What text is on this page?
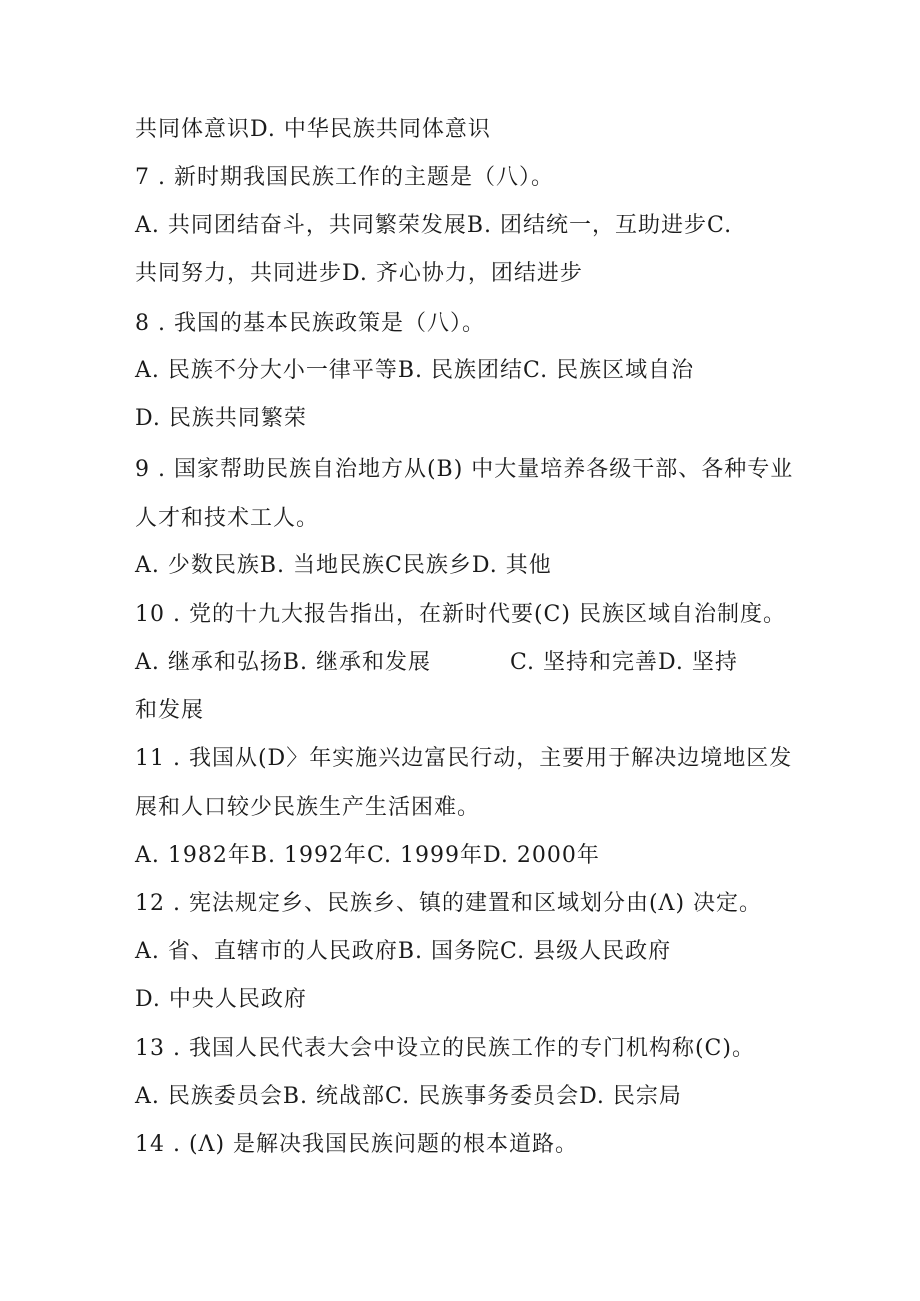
共同体意识D. 中华民族共同体意识
7 . 新时期我国民族工作的主题是（八）。
A. 共同团结奋斗，共同繁荣发展B. 团结统一，互助进步C.
共同努力，共同进步D. 齐心协力，团结进步
8 . 我国的基本民族政策是（八）。
A. 民族不分大小一律平等B. 民族团结C. 民族区域自治
D. 民族共同繁荣
9 . 国家帮助民族自治地方从(B) 中大量培养各级干部、各种专业
人才和技术工人。
A. 少数民族B. 当地民族C民族乡D. 其他
10 . 党的十九大报告指出，在新时代要(C) 民族区域自治制度。
A. 继承和弘扬B. 继承和发展	C. 坚持和完善D. 坚持
和发展
11 . 我国从(D〉年实施兴边富民行动，主要用于解决边境地区发
展和人口较少民族生产生活困难。
A. 1982年B. 1992年C. 1999年D. 2000年
12 . 宪法规定乡、民族乡、镇的建置和区域划分由(Λ) 决定。
A. 省、直辖市的人民政府B. 国务院C. 县级人民政府
D. 中央人民政府
13 . 我国人民代表大会中设立的民族工作的专门机构称(C)。
A. 民族委员会B. 统战部C. 民族事务委员会D. 民宗局
14 . (Λ) 是解决我国民族问题的根本道路。
